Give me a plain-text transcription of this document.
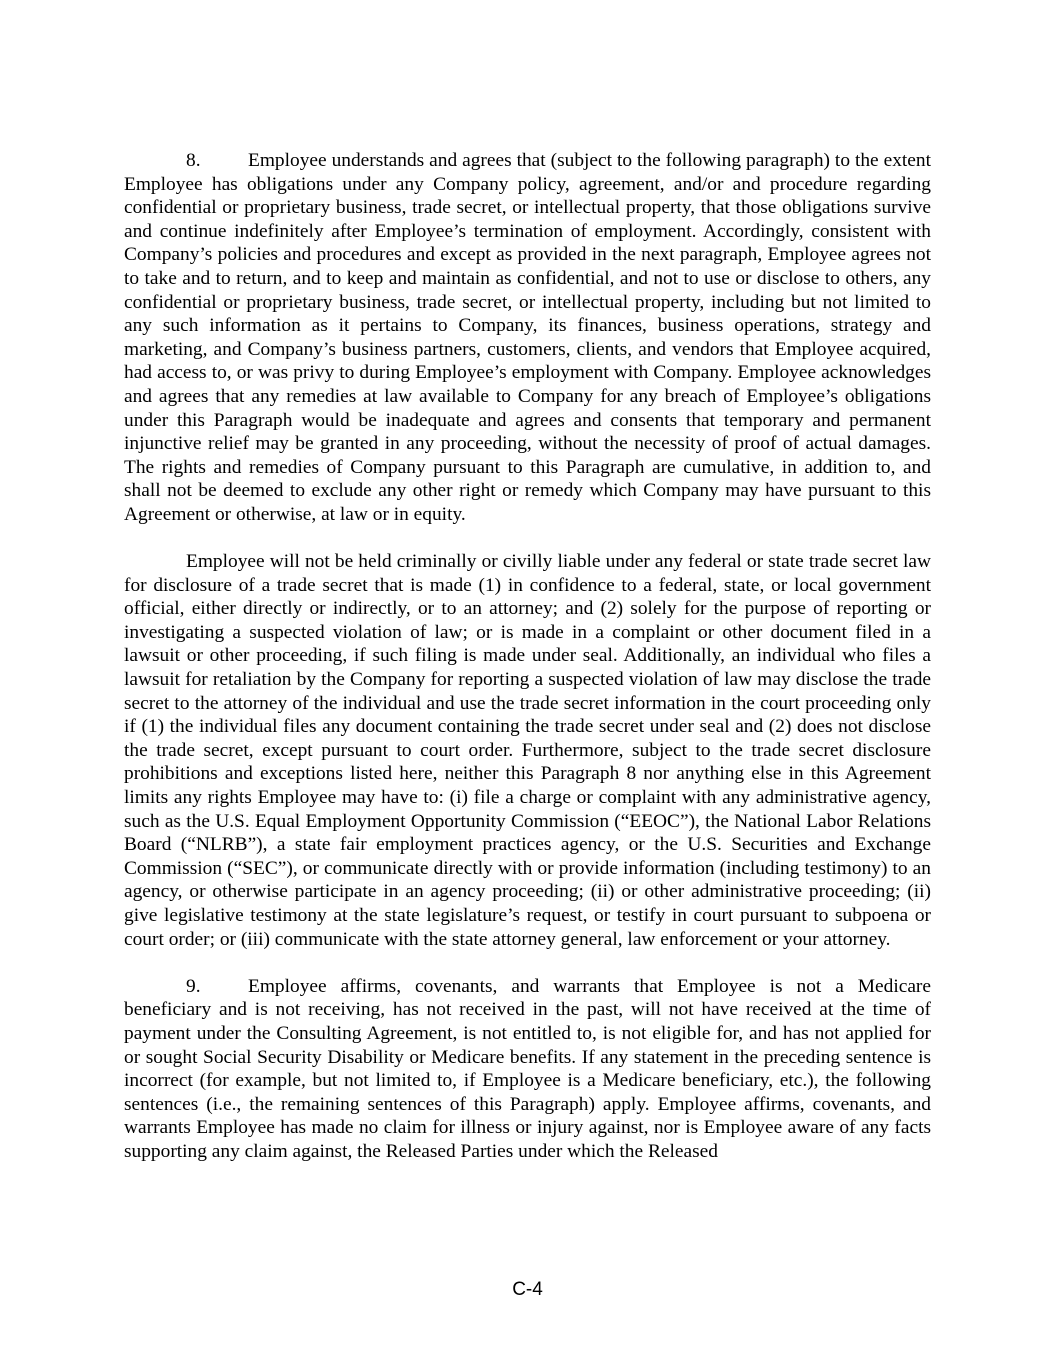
8. Employee understands and agrees that (subject to the following paragraph) to the extent Employee has obligations under any Company policy, agreement, and/or and procedure regarding confidential or proprietary business, trade secret, or intellectual property, that those obligations survive and continue indefinitely after Employee’s termination of employment. Accordingly, consistent with Company’s policies and procedures and except as provided in the next paragraph, Employee agrees not to take and to return, and to keep and maintain as confidential, and not to use or disclose to others, any confidential or proprietary business, trade secret, or intellectual property, including but not limited to any such information as it pertains to Company, its finances, business operations, strategy and marketing, and Company’s business partners, customers, clients, and vendors that Employee acquired, had access to, or was privy to during Employee’s employment with Company. Employee acknowledges and agrees that any remedies at law available to Company for any breach of Employee’s obligations under this Paragraph would be inadequate and agrees and consents that temporary and permanent injunctive relief may be granted in any proceeding, without the necessity of proof of actual damages. The rights and remedies of Company pursuant to this Paragraph are cumulative, in addition to, and shall not be deemed to exclude any other right or remedy which Company may have pursuant to this Agreement or otherwise, at law or in equity.

Employee will not be held criminally or civilly liable under any federal or state trade secret law for disclosure of a trade secret that is made (1) in confidence to a federal, state, or local government official, either directly or indirectly, or to an attorney; and (2) solely for the purpose of reporting or investigating a suspected violation of law; or is made in a complaint or other document filed in a lawsuit or other proceeding, if such filing is made under seal. Additionally, an individual who files a lawsuit for retaliation by the Company for reporting a suspected violation of law may disclose the trade secret to the attorney of the individual and use the trade secret information in the court proceeding only if (1) the individual files any document containing the trade secret under seal and (2) does not disclose the trade secret, except pursuant to court order. Furthermore, subject to the trade secret disclosure prohibitions and exceptions listed here, neither this Paragraph 8 nor anything else in this Agreement limits any rights Employee may have to: (i) file a charge or complaint with any administrative agency, such as the U.S. Equal Employment Opportunity Commission (“EEOC”), the National Labor Relations Board (“NLRB”), a state fair employment practices agency, or the U.S. Securities and Exchange Commission (“SEC”), or communicate directly with or provide information (including testimony) to an agency, or otherwise participate in an agency proceeding; (ii) or other administrative proceeding; (ii) give legislative testimony at the state legislature’s request, or testify in court pursuant to subpoena or court order; or (iii) communicate with the state attorney general, law enforcement or your attorney.

9. Employee affirms, covenants, and warrants that Employee is not a Medicare beneficiary and is not receiving, has not received in the past, will not have received at the time of payment under the Consulting Agreement, is not entitled to, is not eligible for, and has not applied for or sought Social Security Disability or Medicare benefits. If any statement in the preceding sentence is incorrect (for example, but not limited to, if Employee is a Medicare beneficiary, etc.), the following sentences (i.e., the remaining sentences of this Paragraph) apply. Employee affirms, covenants, and warrants Employee has made no claim for illness or injury against, nor is Employee aware of any facts supporting any claim against, the Released Parties under which the Released

C-4
